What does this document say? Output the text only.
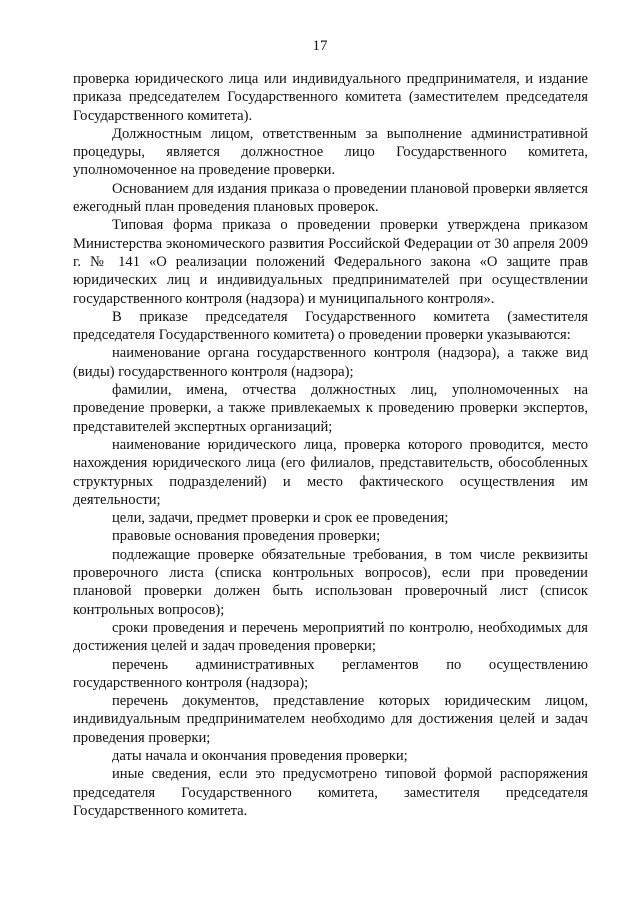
17

проверка юридического лица или индивидуального предпринимателя, и издание приказа председателем Государственного комитета (заместителем председателя Государственного комитета).

Должностным лицом, ответственным за выполнение административной процедуры, является должностное лицо Государственного комитета, уполномоченное на проведение проверки.

Основанием для издания приказа о проведении плановой проверки является ежегодный план проведения плановых проверок.

Типовая форма приказа о проведении проверки утверждена приказом Министерства экономического развития Российской Федерации от 30 апреля 2009 г. № 141 «О реализации положений Федерального закона «О защите прав юридических лиц и индивидуальных предпринимателей при осуществлении государственного контроля (надзора) и муниципального контроля».

В приказе председателя Государственного комитета (заместителя председателя Государственного комитета) о проведении проверки указываются:

наименование органа государственного контроля (надзора), а также вид (виды) государственного контроля (надзора);

фамилии, имена, отчества должностных лиц, уполномоченных на проведение проверки, а также привлекаемых к проведению проверки экспертов, представителей экспертных организаций;

наименование юридического лица, проверка которого проводится, место нахождения юридического лица (его филиалов, представительств, обособленных структурных подразделений) и место фактического осуществления им деятельности;

цели, задачи, предмет проверки и срок ее проведения;

правовые основания проведения проверки;

подлежащие проверке обязательные требования, в том числе реквизиты проверочного листа (списка контрольных вопросов), если при проведении плановой проверки должен быть использован проверочный лист (список контрольных вопросов);

сроки проведения и перечень мероприятий по контролю, необходимых для достижения целей и задач проведения проверки;

перечень административных регламентов по осуществлению государственного контроля (надзора);

перечень документов, представление которых юридическим лицом, индивидуальным предпринимателем необходимо для достижения целей и задач проведения проверки;

даты начала и окончания проведения проверки;

иные сведения, если это предусмотрено типовой формой распоряжения председателя Государственного комитета, заместителя председателя Государственного комитета.
